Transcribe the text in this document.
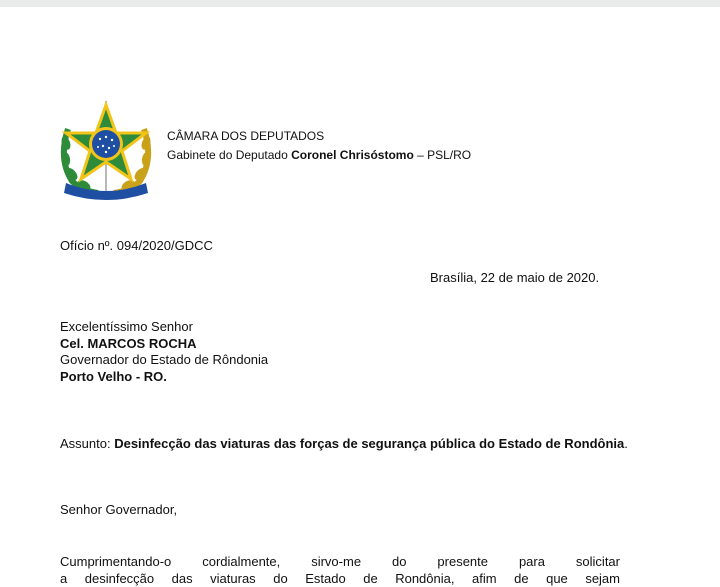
CÂMARA DOS DEPUTADOS
Gabinete do Deputado Coronel Chrisóstomo – PSL/RO
Ofício nº. 094/2020/GDCC
Brasília, 22 de maio de 2020.
Excelentíssimo Senhor
Cel. MARCOS ROCHA
Governador do Estado de Rôndonia
Porto Velho - RO.
Assunto: Desinfecção das viaturas das forças de segurança pública do Estado de Rondônia.
Senhor Governador,
Cumprimentando-o cordialmente, sirvo-me do presente para solicitar
a desinfecção das viaturas do Estado de Rondônia, afim de que sejam
